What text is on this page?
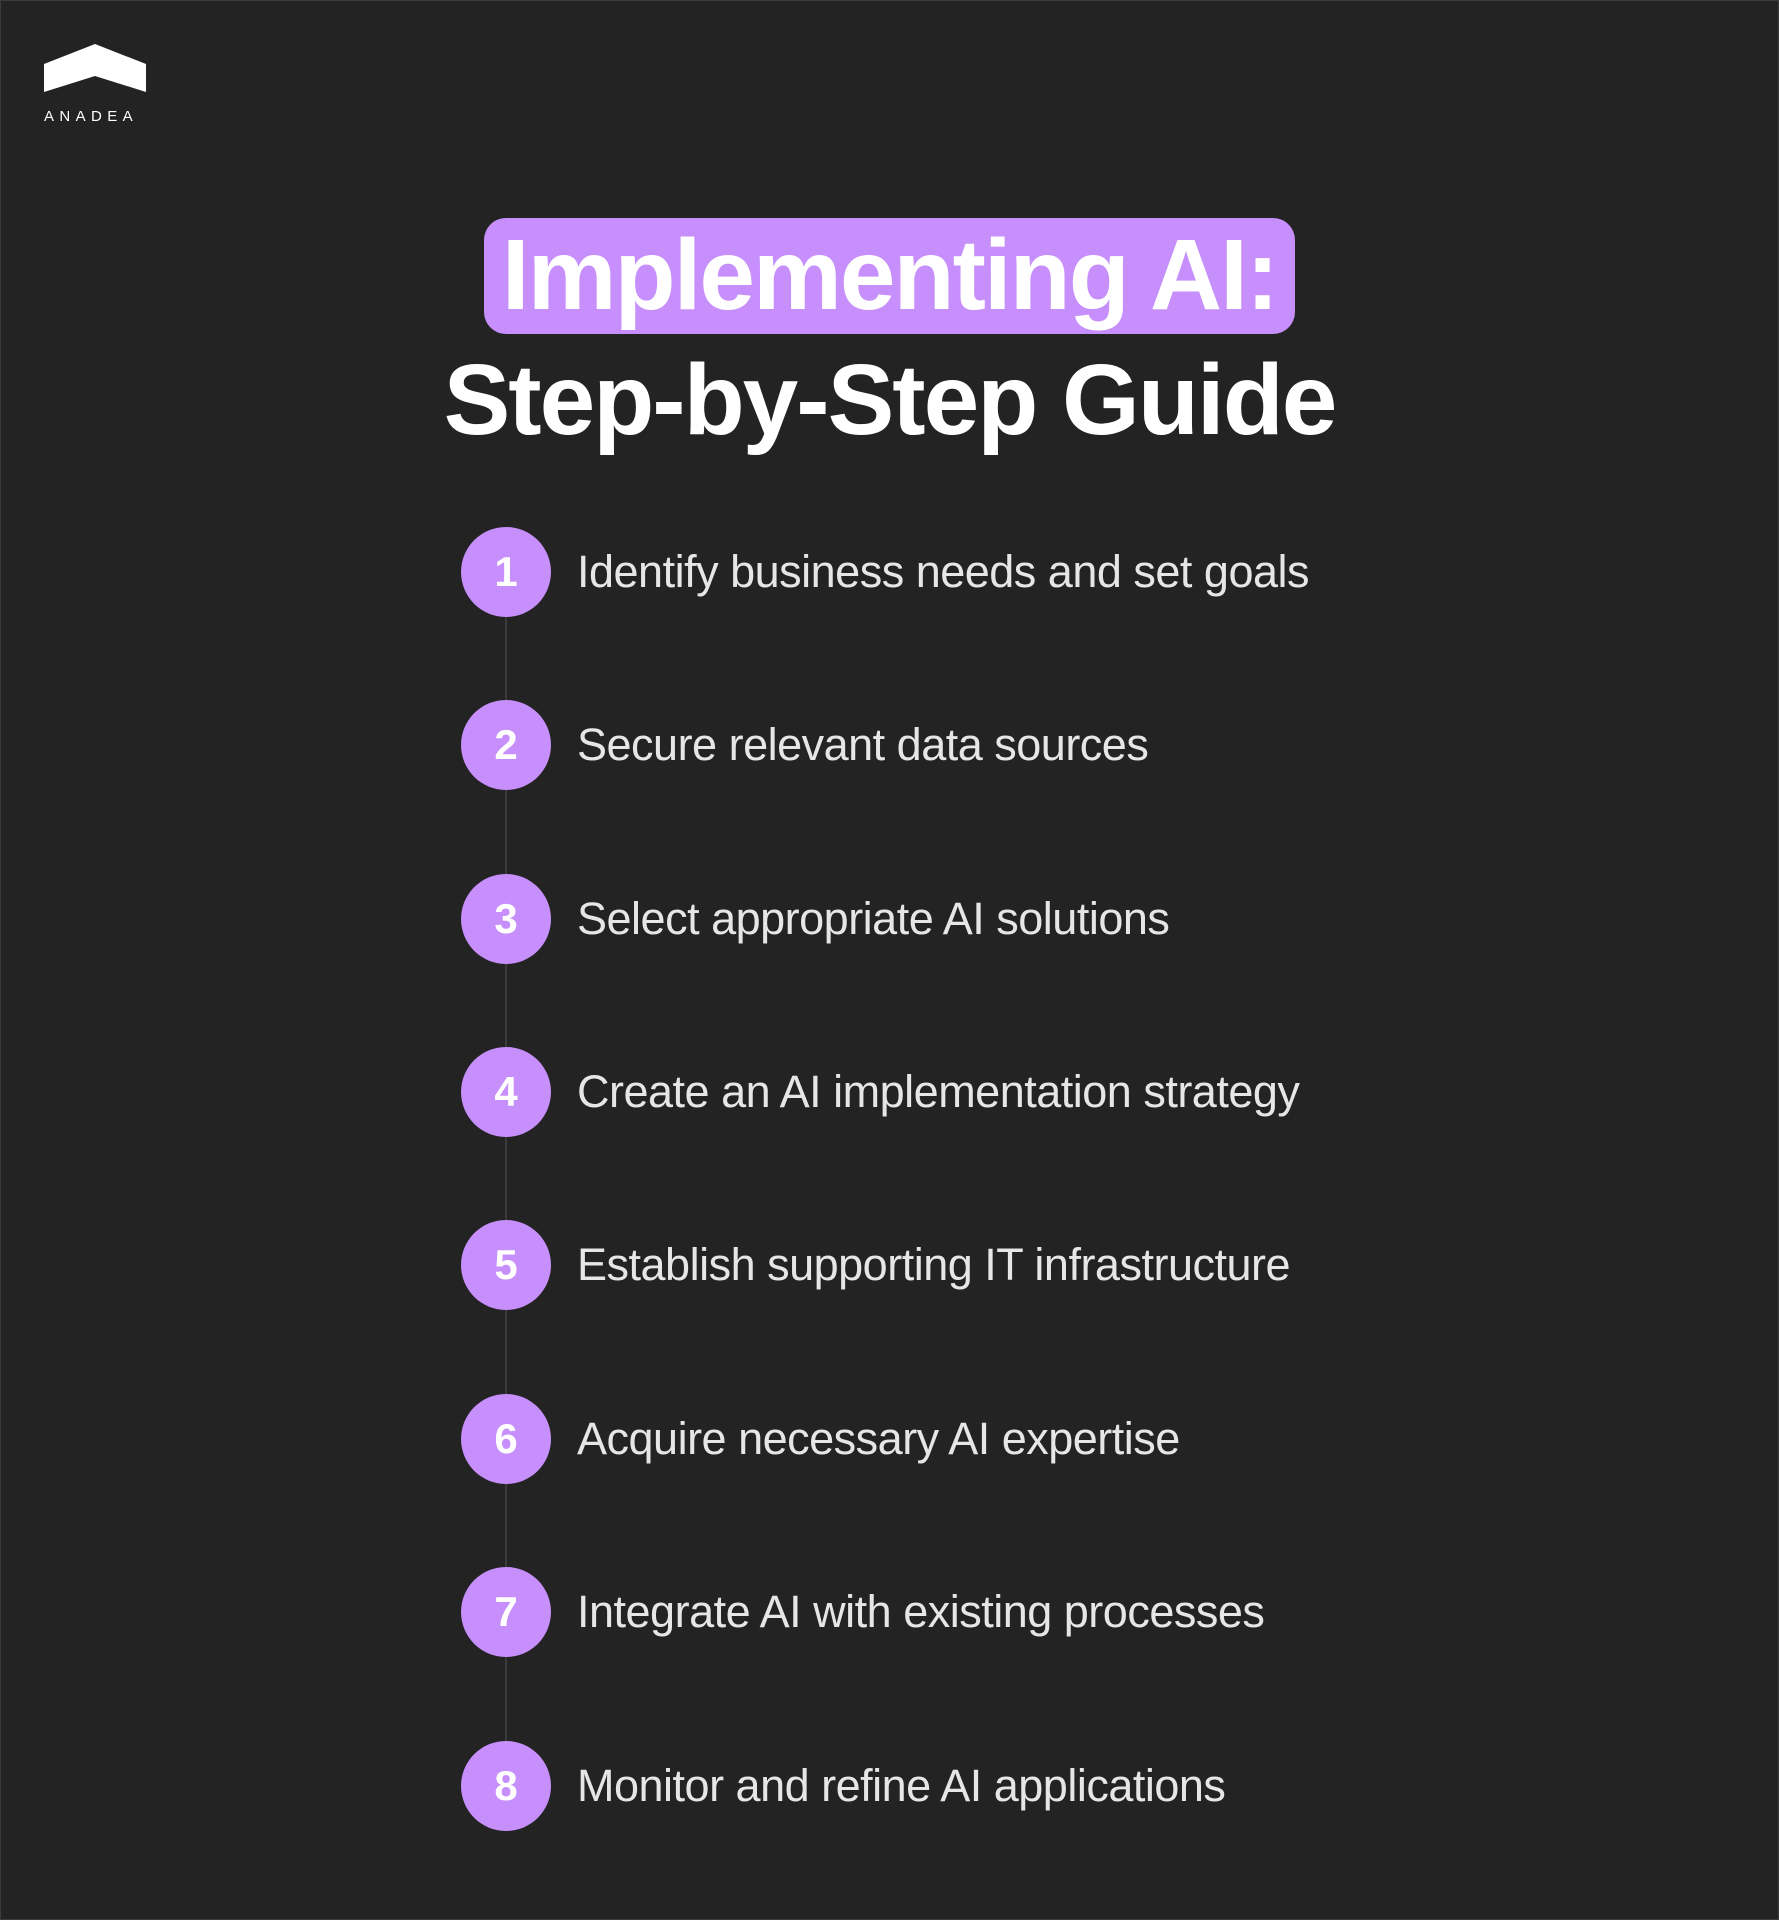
ANADEA
Implementing AI:
Step-by-Step Guide
1	Identify business needs and set goals
2	Secure relevant data sources
3	Select appropriate AI solutions
4	Create an AI implementation strategy
5	Establish supporting IT infrastructure
6	Acquire necessary AI expertise
7	Integrate AI with existing processes
8	Monitor and refine AI applications
